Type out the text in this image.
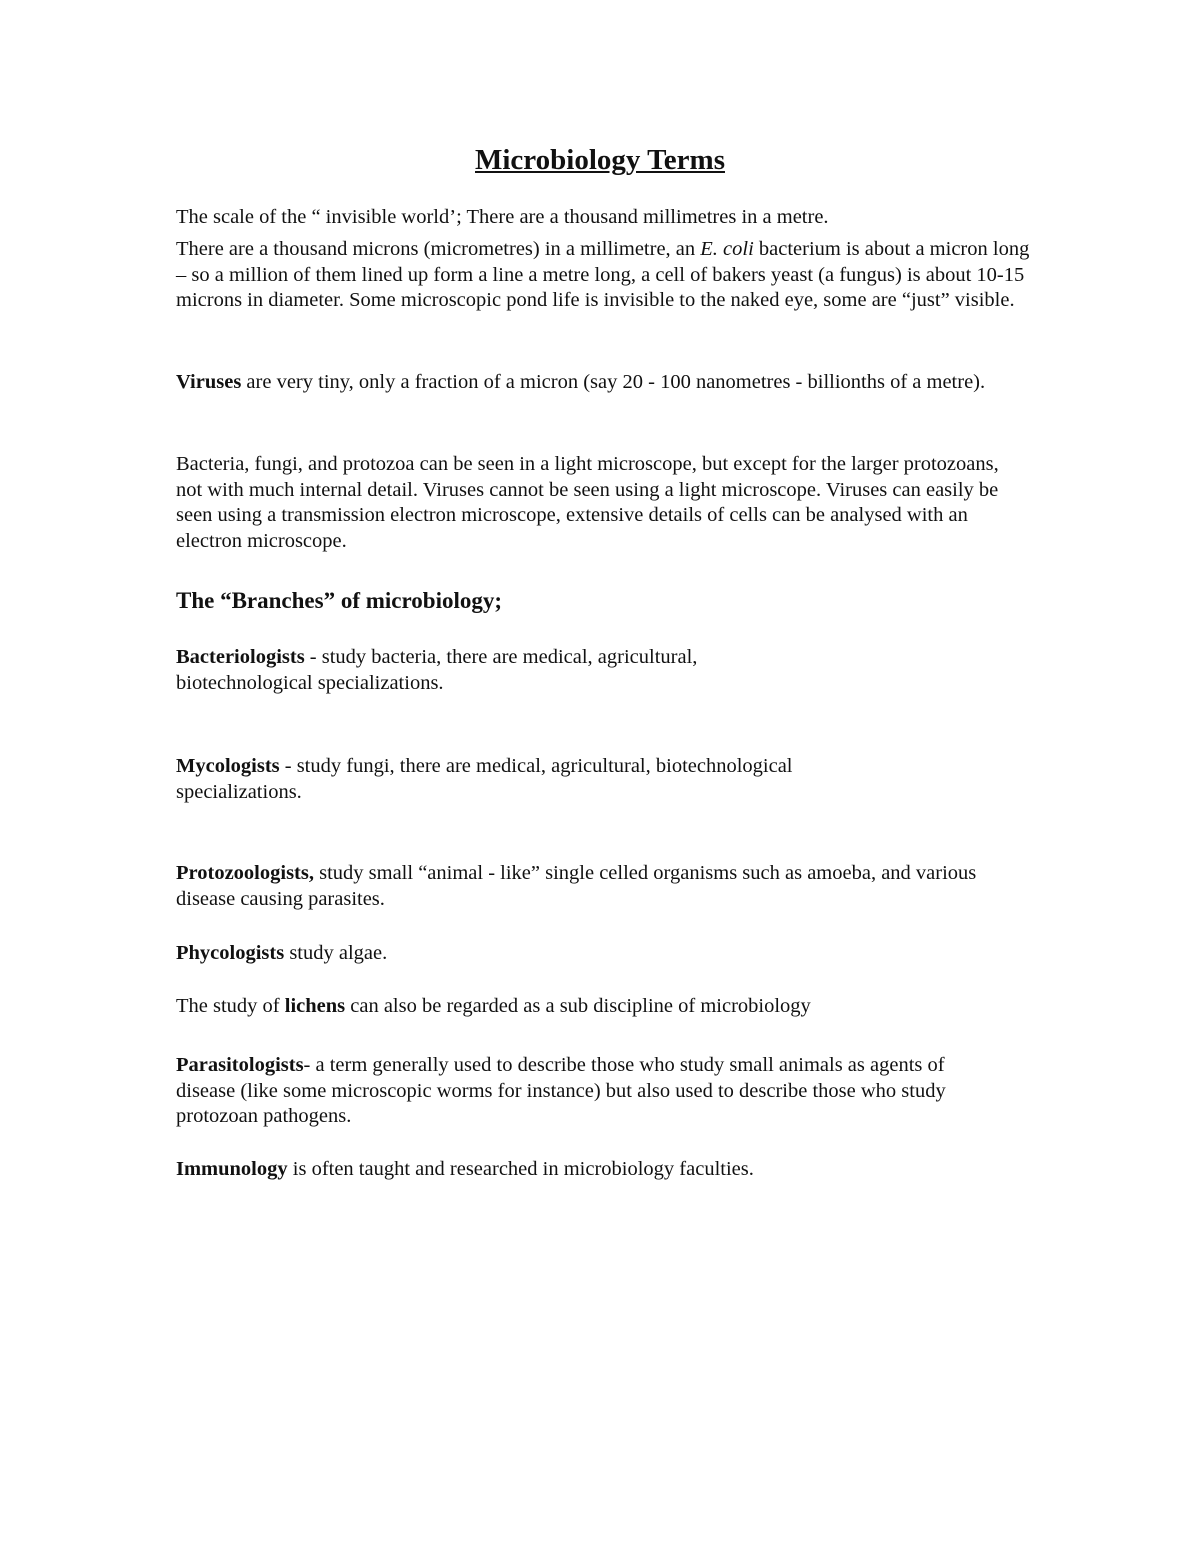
Microbiology Terms

The scale of the “ invisible world’; There are a thousand millimetres in a metre.

There are a thousand microns (micrometres) in a millimetre, an E. coli bacterium is about a micron long – so a million of them lined up form a line a metre long, a cell of bakers yeast (a fungus) is about 10-15 microns in diameter. Some microscopic pond life is invisible to the naked eye, some are “just” visible.

Viruses are very tiny, only a fraction of a micron (say 20 - 100 nanometres - billionths of a metre).

Bacteria, fungi, and protozoa can be seen in a light microscope, but except for the larger protozoans, not with much internal detail. Viruses cannot be seen using a light microscope. Viruses can easily be seen using a transmission electron microscope, extensive details of cells can be analysed with an electron microscope.

The “Branches” of microbiology;

Bacteriologists - study bacteria, there are medical, agricultural, biotechnological specializations.

Mycologists - study fungi, there are medical, agricultural, biotechnological specializations.

Protozoologists, study small “animal - like” single celled organisms such as amoeba, and various disease causing parasites.

Phycologists study algae.

The study of lichens can also be regarded as a sub discipline of microbiology

Parasitologists- a term generally used to describe those who study small animals as agents of disease (like some microscopic worms for instance) but also used to describe those who study protozoan pathogens.

Immunology is often taught and researched in microbiology faculties.
